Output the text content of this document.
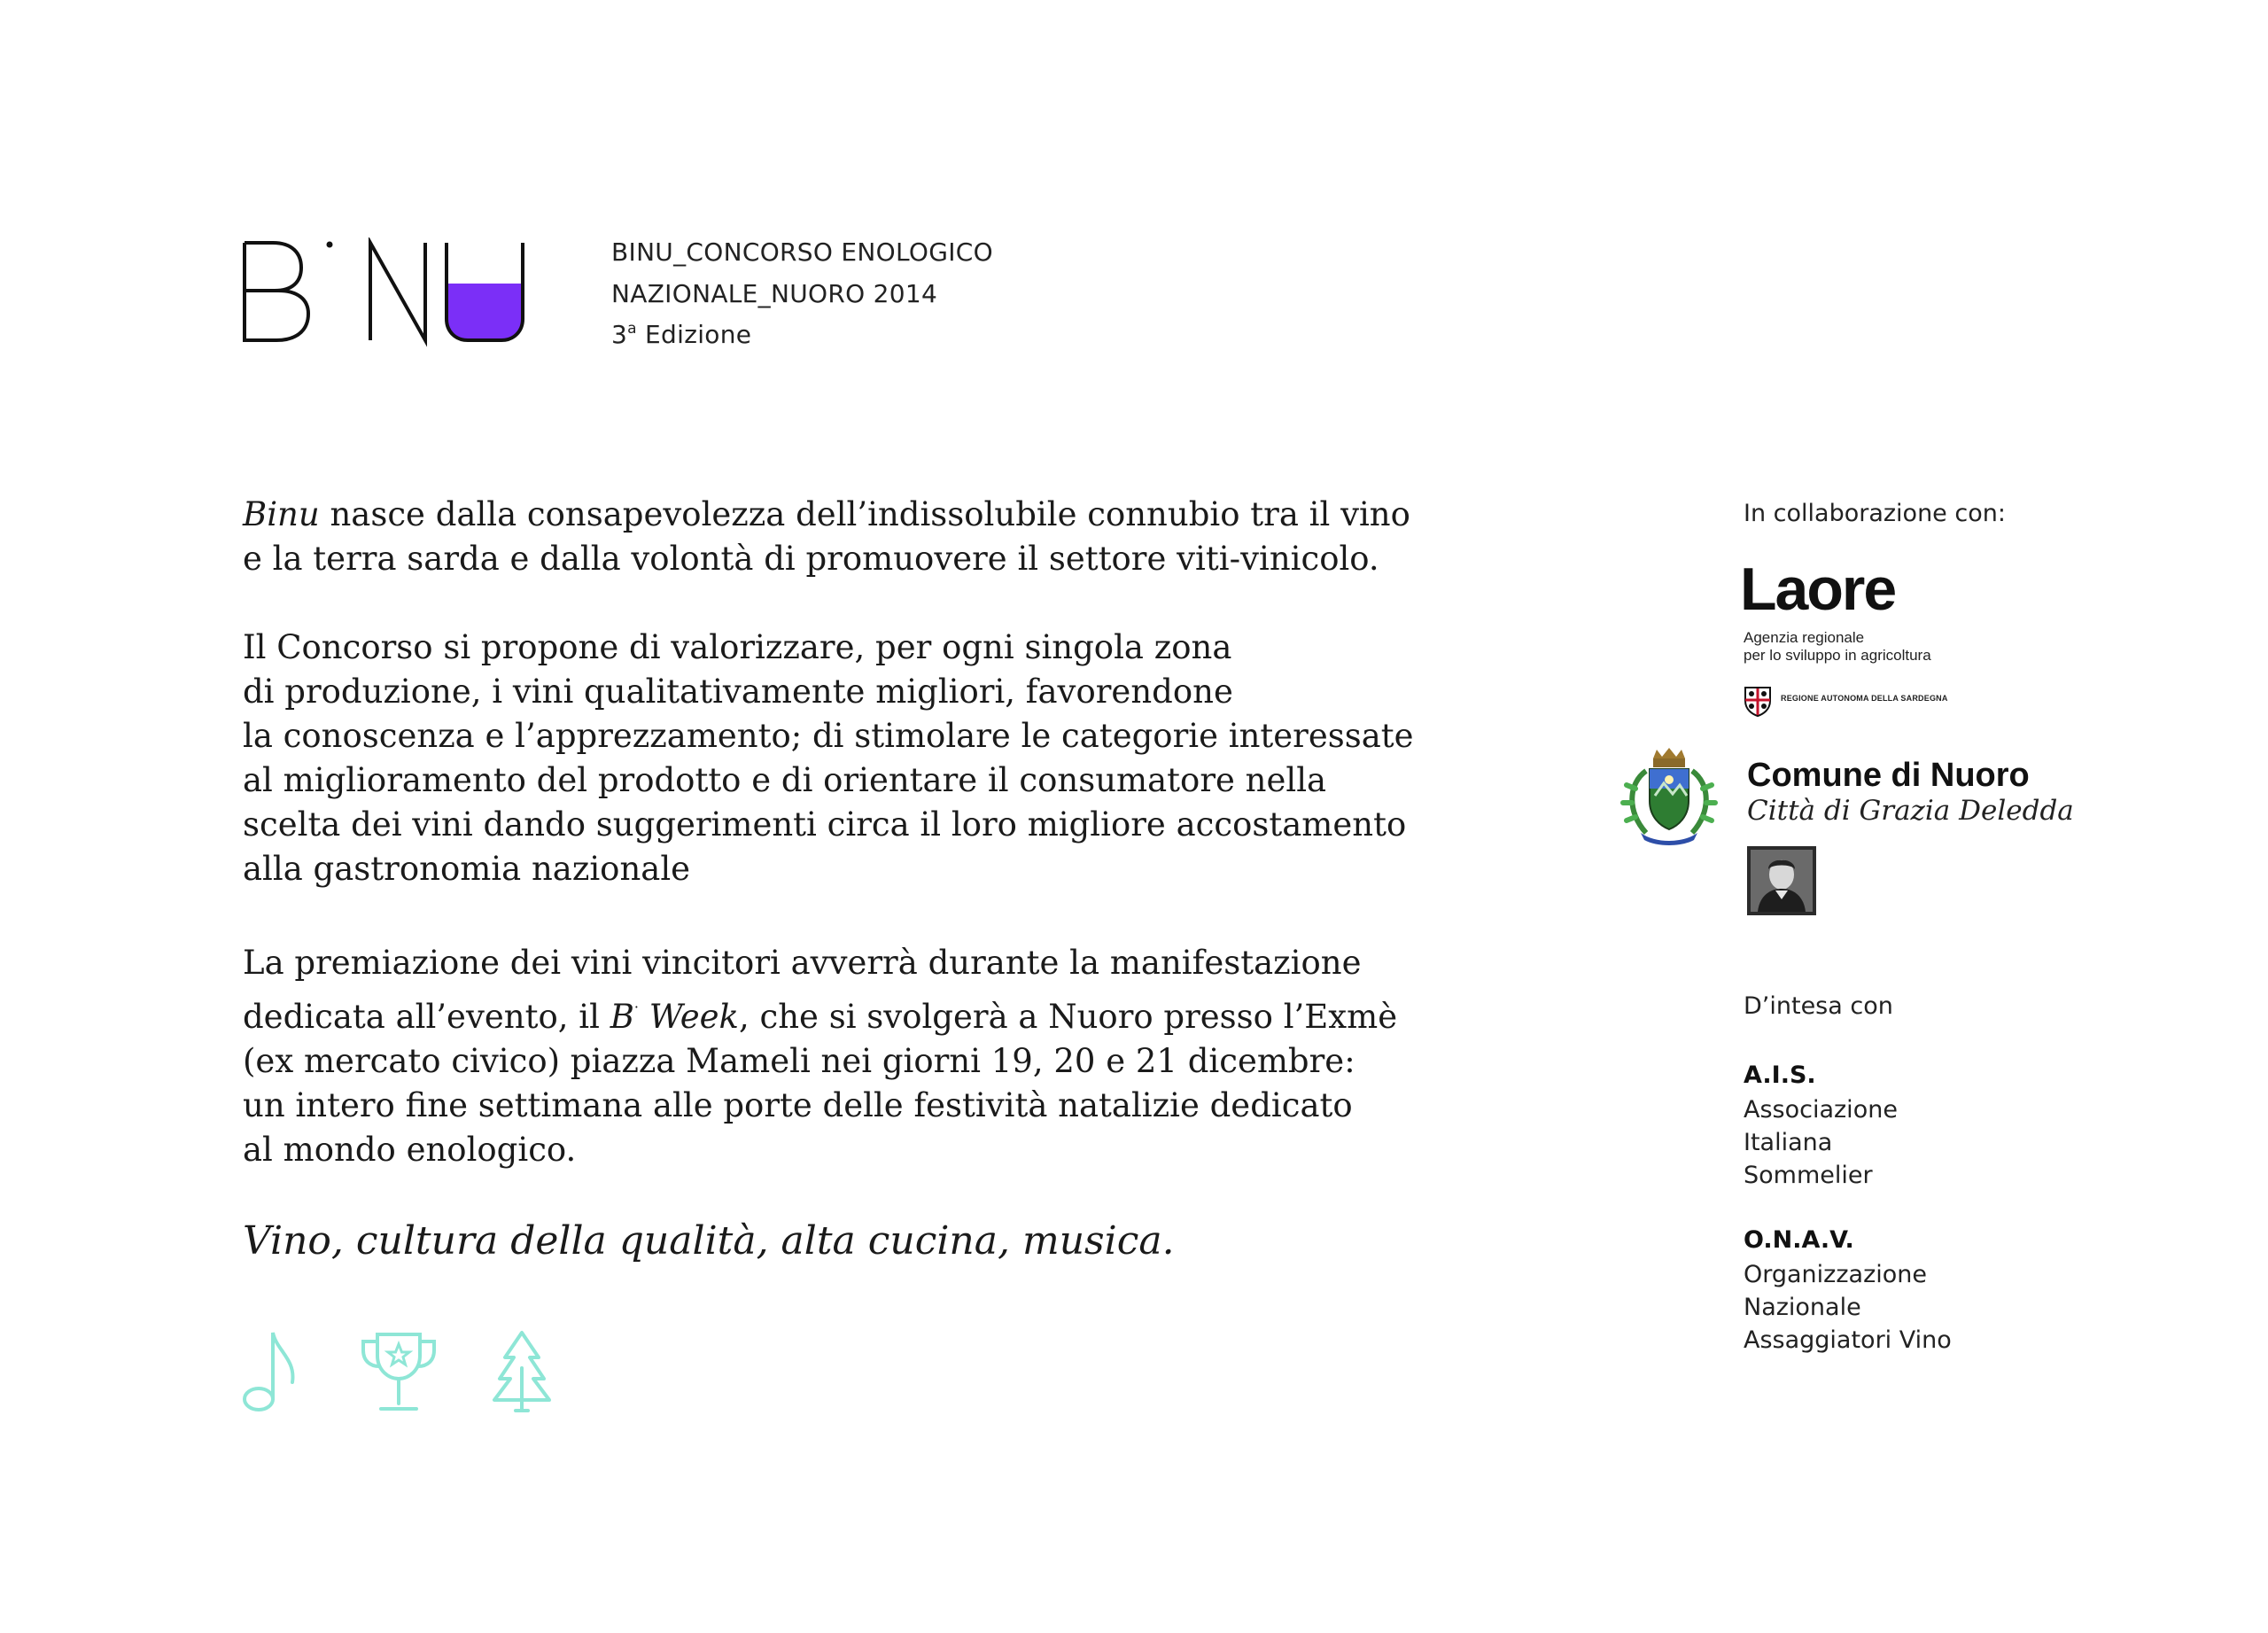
BINU_CONCORSO ENOLOGICO
NAZIONALE_NUORO 2014
3$^a$ Edizione
Binu nasce dalla consapevolezza dell’indissolubile connubio tra il vino
e la terra sarda e dalla volontà di promuovere il settore viti-vinicolo.
Il Concorso si propone di valorizzare, per ogni singola zona
di produzione, i vini qualitativamente migliori, favorendone
la conoscenza e l’apprezzamento; di stimolare le categorie interessate
al miglioramento del prodotto e di orientare il consumatore nella
scelta dei vini dando suggerimenti circa il loro migliore accostamento
alla gastronomia nazionale
La premiazione dei vini vincitori avverrà durante la manifestazione
dedicata all’evento, il B· Week, che si svolgerà a Nuoro presso l’Exmè
(ex mercato civico) piazza Mameli nei giorni 19, 20 e 21 dicembre:
un intero fine settimana alle porte delle festività natalizie dedicato
al mondo enologico.
Vino, cultura della qualità, alta cucina, musica.
In collaborazione con:
Laore
Agenzia regionale
per lo sviluppo in agricoltura
REGIONE AUTONOMA DELLA SARDEGNA
Comune di Nuoro
Città di Grazia Deledda
D’intesa con
A.I.S.
Associazione
Italiana
Sommelier
O.N.A.V.
Organizzazione
Nazionale
Assaggiatori Vino
